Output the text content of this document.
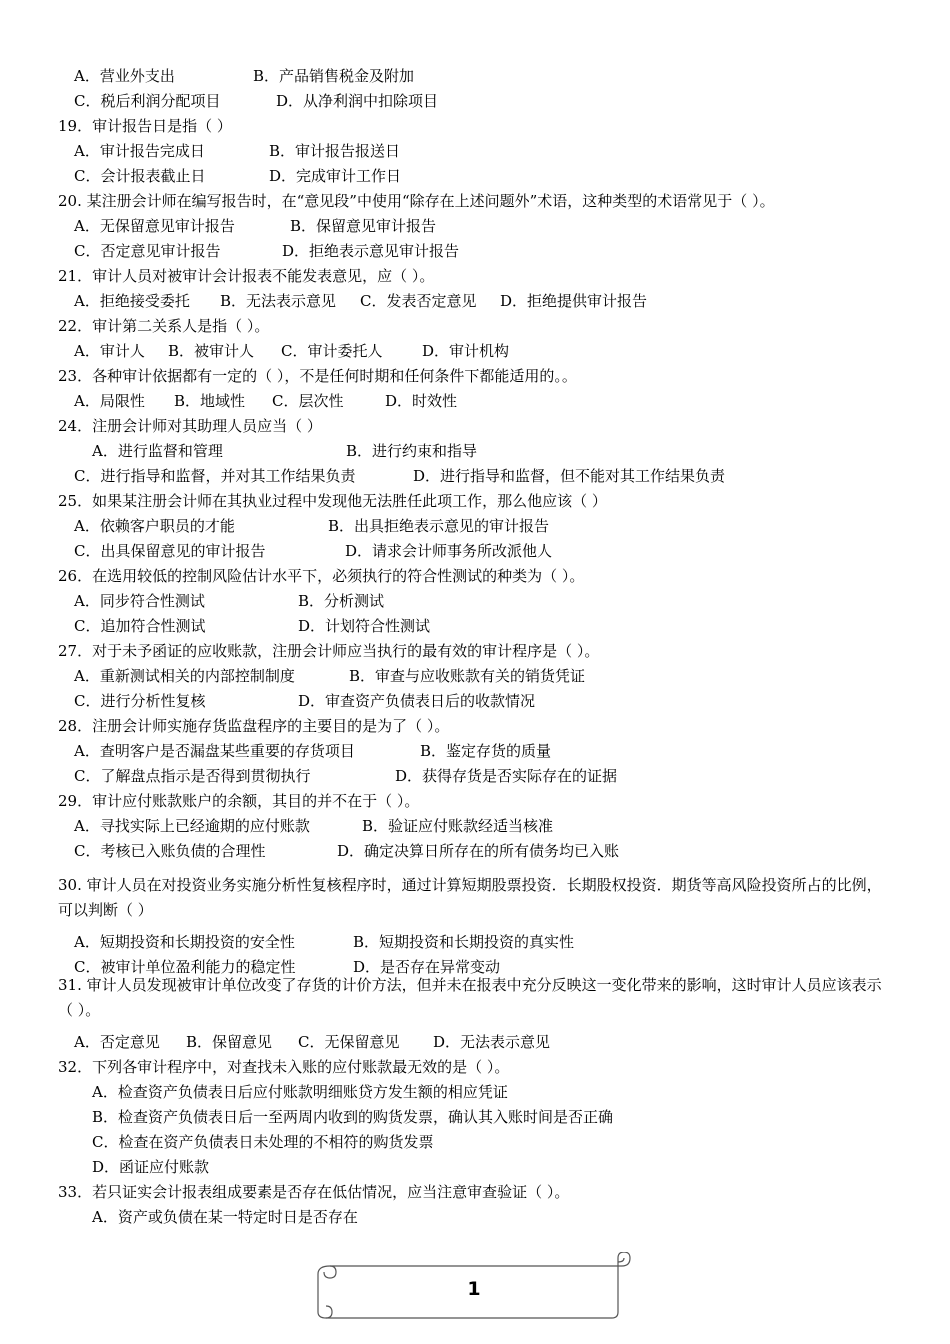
A．营业外支出	B．产品销售税金及附加
C．税后利润分配项目	D．从净利润中扣除项目
19．审计报告日是指（ ）
A．审计报告完成日	B．审计报告报送日
C．会计报表截止日	D．完成审计工作日
20. 某注册会计师在编写报告时，在“意见段”中使用“除存在上述问题外”术语，这种类型的术语常见于（ ）。
A．无保留意见审计报告	B．保留意见审计报告
C．否定意见审计报告	D．拒绝表示意见审计报告
21．审计人员对被审计会计报表不能发表意见，应（ ）。
A．拒绝接受委托 B．无法表示意见 C．发表否定意见 D．拒绝提供审计报告
22．审计第二关系人是指（ ）。
A．审计人 B．被审计人 C．审计委托人	D．审计机构
23．各种审计依据都有一定的（ ），不是任何时期和任何条件下都能适用的。。
A．局限性 B．地域性 C．层次性	D．时效性
24．注册会计师对其助理人员应当（ ）
A．进行监督和管理	B．进行约束和指导
C．进行指导和监督，并对其工作结果负责	D．进行指导和监督，但不能对其工作结果负责
25．如果某注册会计师在其执业过程中发现他无法胜任此项工作，那么他应该（ ）
A．依赖客户职员的才能	B．出具拒绝表示意见的审计报告
C．出具保留意见的审计报告	D．请求会计师事务所改派他人
26．在选用较低的控制风险估计水平下，必须执行的符合性测试的种类为（ ）。
A．同步符合性测试	B．分析测试
C．追加符合性测试	D．计划符合性测试
27．对于未予函证的应收账款，注册会计师应当执行的最有效的审计程序是（ ）。
A．重新测试相关的内部控制制度	B．审查与应收账款有关的销货凭证
C．进行分析性复核	D．审查资产负债表日后的收款情况
28．注册会计师实施存货监盘程序的主要目的是为了（ ）。
A．查明客户是否漏盘某些重要的存货项目	B．鉴定存货的质量
C．了解盘点指示是否得到贯彻执行	D．获得存货是否实际存在的证据
29．审计应付账款账户的余额，其目的并不在于（ ）。
A．寻找实际上已经逾期的应付账款	B．验证应付账款经适当核准
C．考核已入账负债的合理性	D．确定决算日所存在的所有债务均已入账
A．短期投资和长期投资的安全性	B．短期投资和长期投资的真实性
C．被审计单位盈利能力的稳定性	D．是否存在异常变动
A．否定意见 B．保留意见 C．无保留意见 D．无法表示意见
32．下列各审计程序中，对查找未入账的应付账款最无效的是（ ）。
A．检查资产负债表日后应付账款明细账贷方发生额的相应凭证
B．检查资产负债表日后一至两周内收到的购货发票，确认其入账时间是否正确
C．检查在资产负债表日未处理的不相符的购货发票
D．函证应付账款
33．若只证实会计报表组成要素是否存在低估情况，应当注意审查验证（ ）。
A．资产或负债在某一特定时日是否存在
30. 审计人员在对投资业务实施分析性复核程序时，通过计算短期股票投资．长期股权投资．期货等高风险投资所占的比例，可以判断（ ）
31. 审计人员发现被审计单位改变了存货的计价方法，但并未在报表中充分反映这一变化带来的影响，这时审计人员应该表示（ ）。
1
